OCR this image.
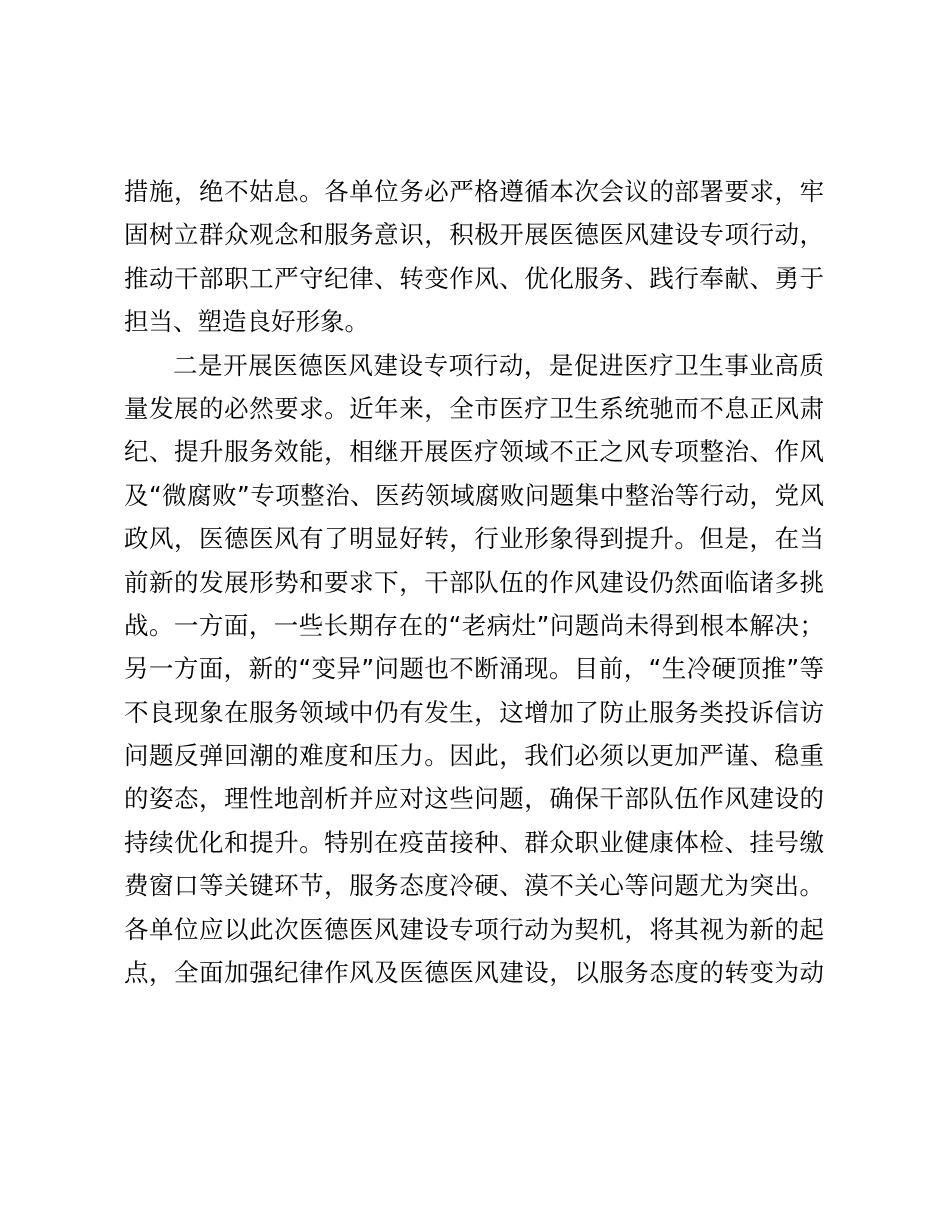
措施，绝不姑息。各单位务必严格遵循本次会议的部署要求，牢
固树立群众观念和服务意识，积极开展医德医风建设专项行动，
推动干部职工严守纪律、转变作风、优化服务、践行奉献、勇于
担当、塑造良好形象。
二是开展医德医风建设专项行动，是促进医疗卫生事业高质
量发展的必然要求。近年来，全市医疗卫生系统驰而不息正风肃
纪、提升服务效能，相继开展医疗领域不正之风专项整治、作风
及“微腐败”专项整治、医药领域腐败问题集中整治等行动，党风
政风，医德医风有了明显好转，行业形象得到提升。但是，在当
前新的发展形势和要求下，干部队伍的作风建设仍然面临诸多挑
战。一方面，一些长期存在的“老病灶”问题尚未得到根本解决；
另一方面，新的“变异”问题也不断涌现。目前，“生冷硬顶推”等
不良现象在服务领域中仍有发生，这增加了防止服务类投诉信访
问题反弹回潮的难度和压力。因此，我们必须以更加严谨、稳重
的姿态，理性地剖析并应对这些问题，确保干部队伍作风建设的
持续优化和提升。特别在疫苗接种、群众职业健康体检、挂号缴
费窗口等关键环节，服务态度冷硬、漠不关心等问题尤为突出。
各单位应以此次医德医风建设专项行动为契机，将其视为新的起
点，全面加强纪律作风及医德医风建设，以服务态度的转变为动
